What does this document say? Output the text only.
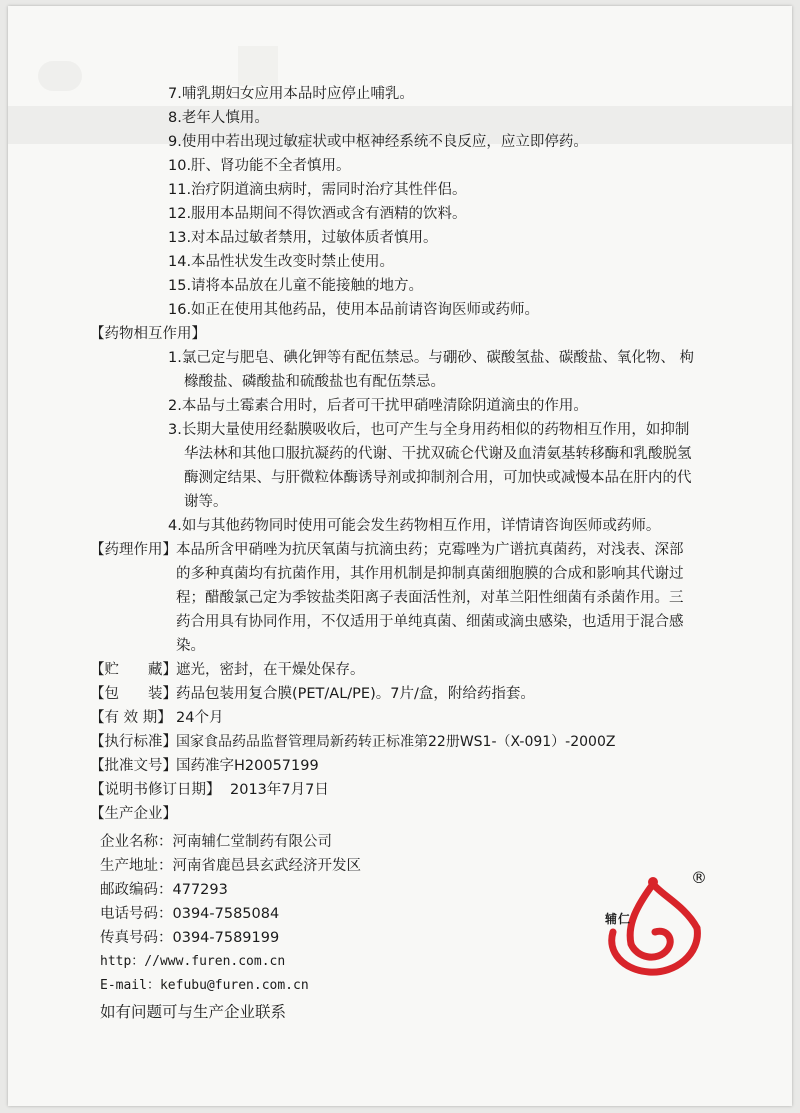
7.哺乳期妇女应用本品时应停止哺乳。
8.老年人慎用。
9.使用中若出现过敏症状或中枢神经系统不良反应，应立即停药。
10.肝、肾功能不全者慎用。
11.治疗阴道滴虫病时，需同时治疗其性伴侣。
12.服用本品期间不得饮酒或含有酒精的饮料。
13.对本品过敏者禁用，过敏体质者慎用。
14.本品性状发生改变时禁止使用。
15.请将本品放在儿童不能接触的地方。
16.如正在使用其他药品，使用本品前请咨询医师或药师。
【药物相互作用】
1.氯己定与肥皂、碘化钾等有配伍禁忌。与硼砂、碳酸氢盐、碳酸盐、氧化物、 枸
橼酸盐、磷酸盐和硫酸盐也有配伍禁忌。
2.本品与土霉素合用时，后者可干扰甲硝唑清除阴道滴虫的作用。
3.长期大量使用经黏膜吸收后，也可产生与全身用药相似的药物相互作用，如抑制
华法林和其他口服抗凝药的代谢、干扰双硫仑代谢及血清氨基转移酶和乳酸脱氢
酶测定结果、与肝微粒体酶诱导剂或抑制剂合用，可加快或减慢本品在肝内的代
谢等。
4.如与其他药物同时使用可能会发生药物相互作用，详情请咨询医师或药师。
【药理作用】 本品所含甲硝唑为抗厌氧菌与抗滴虫药；克霉唑为广谱抗真菌药，对浅表、深部
的多种真菌均有抗菌作用，其作用机制是抑制真菌细胞膜的合成和影响其代谢过
程；醋酸氯己定为季铵盐类阳离子表面活性剂，对革兰阳性细菌有杀菌作用。三
药合用具有协同作用，不仅适用于单纯真菌、细菌或滴虫感染，也适用于混合感
染。
【贮　　藏】 遮光，密封，在干燥处保存。
【包　　装】 药品包装用复合膜(PET/AL/PE)。7片/盒，附给药指套。
【有 效 期】 24个月
【执行标准】 国家食品药品监督管理局新药转正标准第22册WS1-（X-091）-2000Z
【批准文号】 国药准字H20057199
【说明书修订日期】 2013年7月7日
【生产企业】
企业名称：河南辅仁堂制药有限公司
生产地址：河南省鹿邑县玄武经济开发区
邮政编码：477293
电话号码：0394-7585084
传真号码：0394-7589199
http：//www.furen.com.cn
E-mail：kefubu@furen.com.cn
如有问题可与生产企业联系
辅仁
®
